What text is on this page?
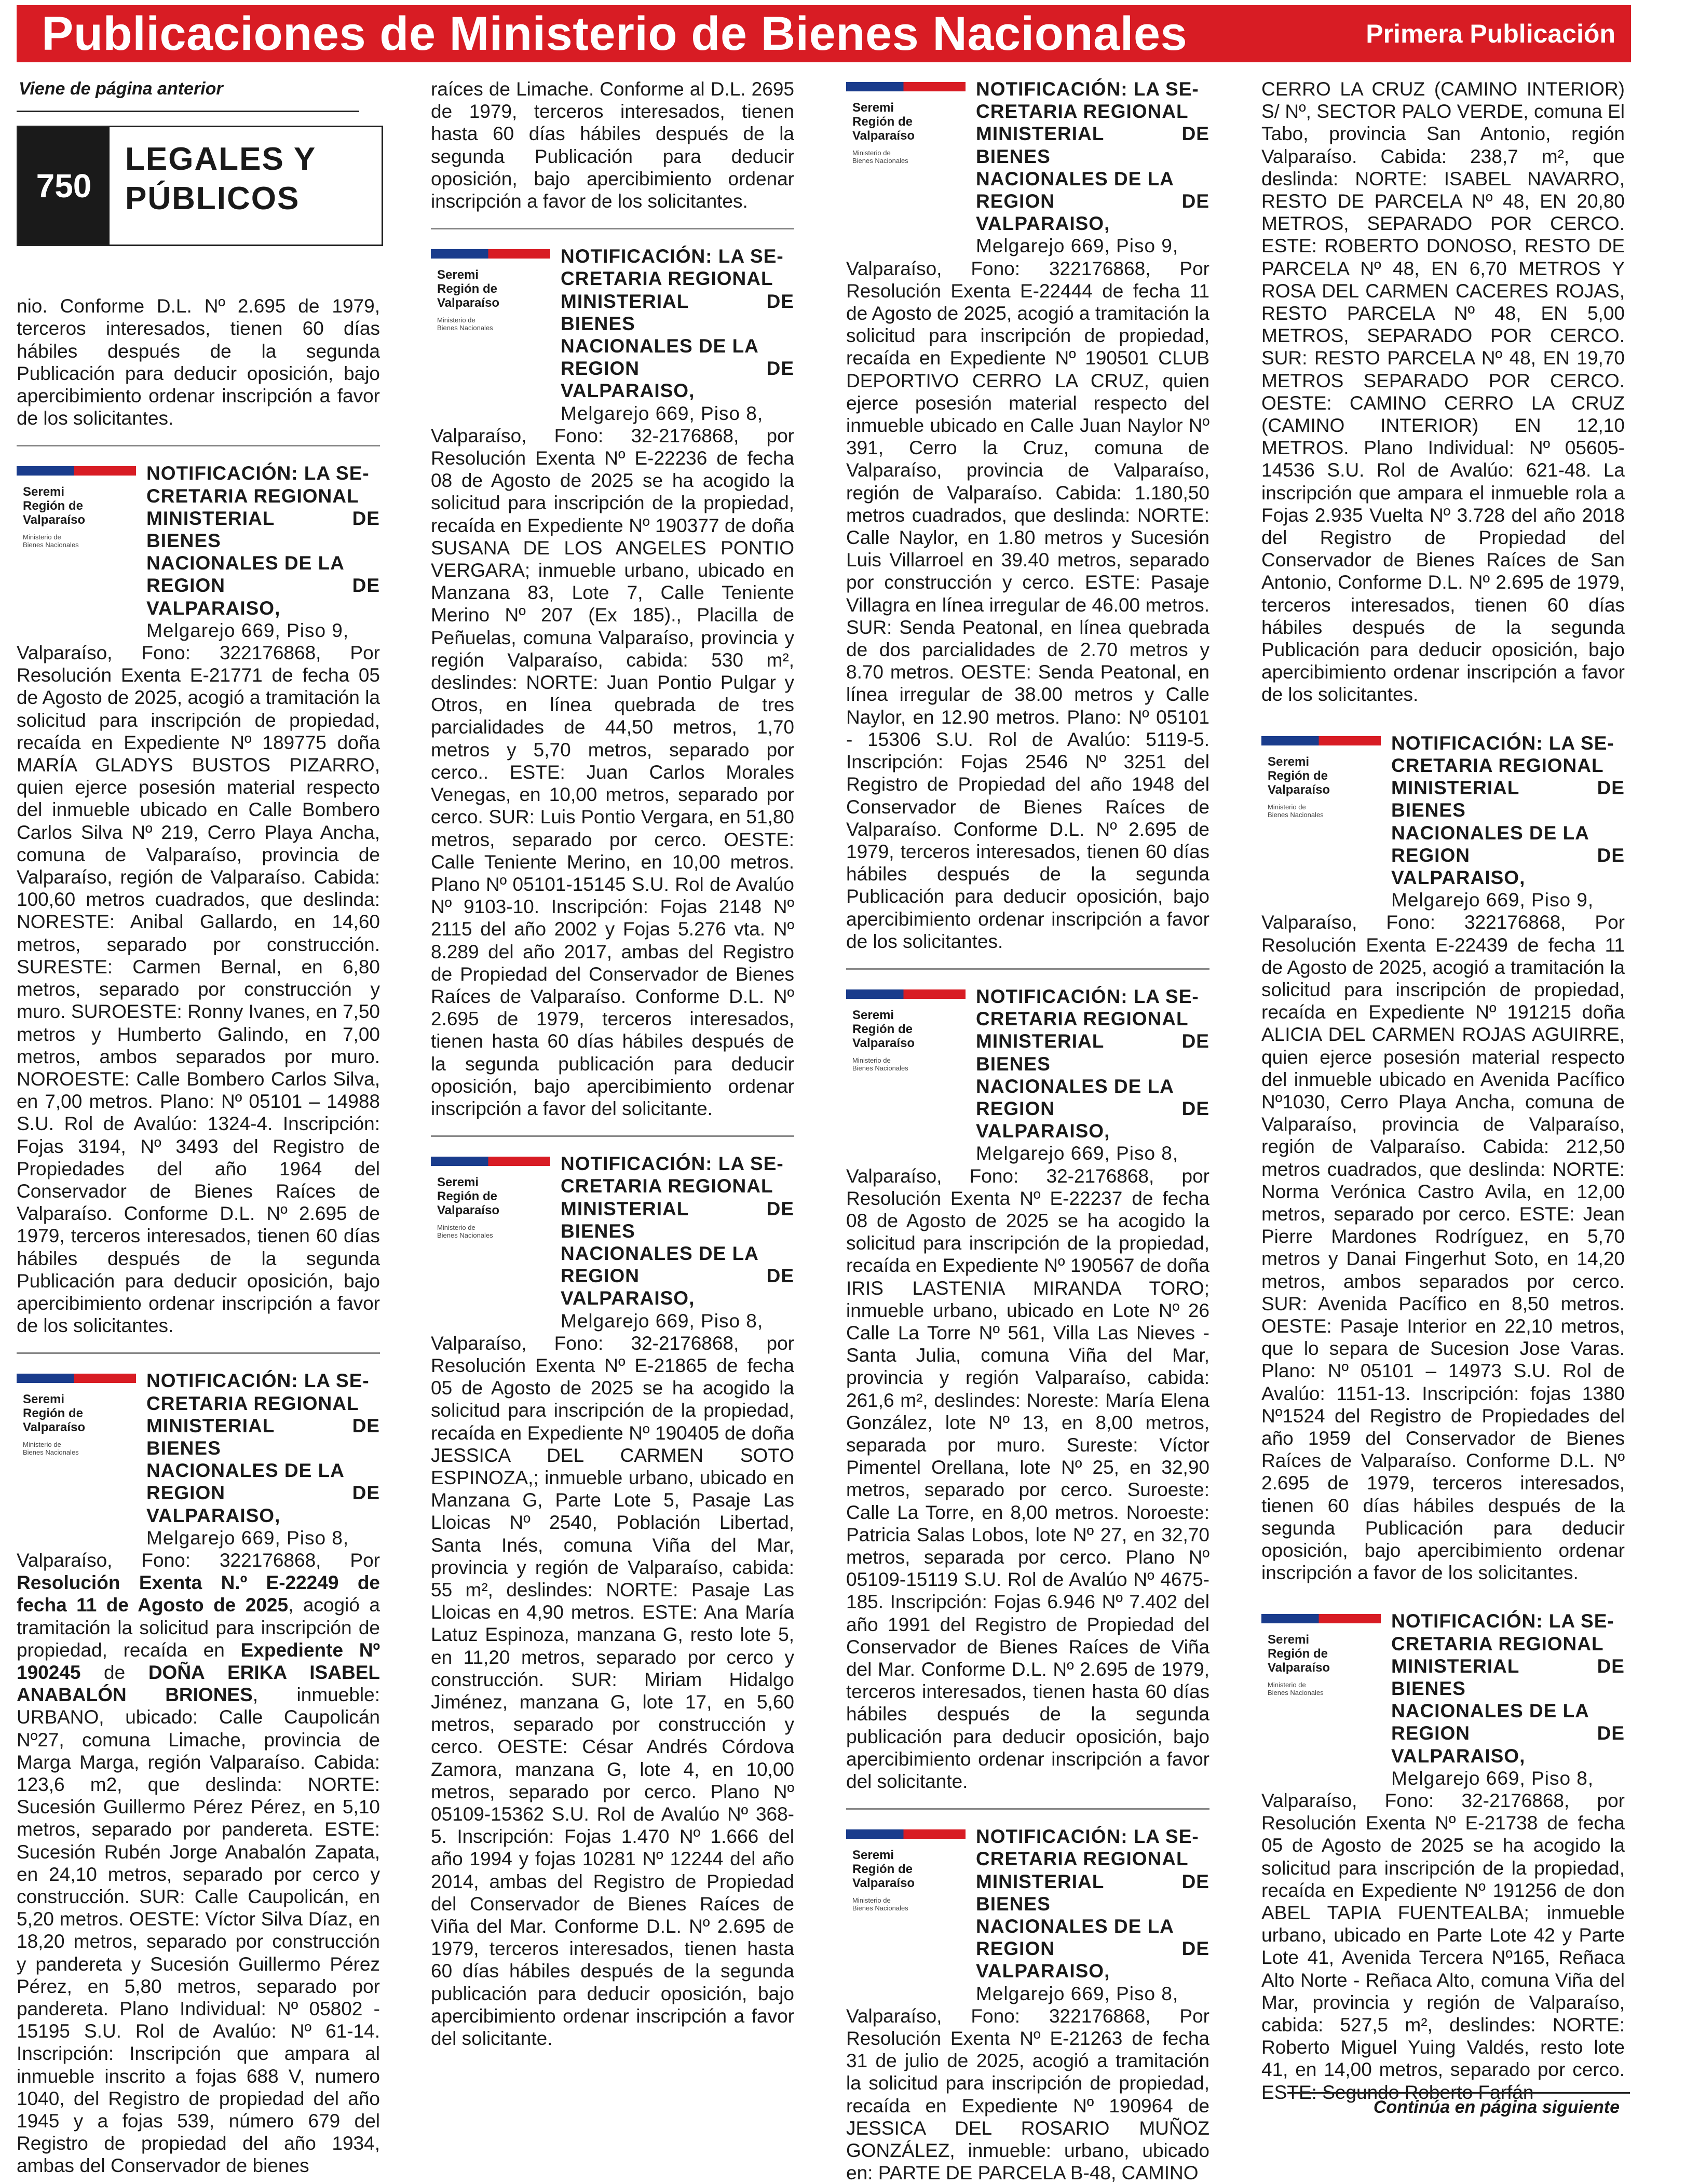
Publicaciones de Ministerio de Bienes Nacionales	Primera Publicación
Viene de página anterior
750
LEGALES Y
PÚBLICOS

nio. Conforme D.L. Nº 2.695 de 1979, terceros interesados, tienen 60 días hábiles después de la segunda Publicación para deducir oposición, bajo apercibimiento ordenar inscripción a favor de los solicitantes.

Seremi
Región de
Valparaíso
Ministerio de
Bienes Nacionales
NOTIFICACIÓN: LA SE-
CRETARIA REGIONAL
MINISTERIAL DE BIENES
NACIONALES DE LA
REGION DE VALPARAISO,
Melgarejo 669, Piso 9,

Valparaíso, Fono: 322176868, Por Resolución Exenta E-21771 de fecha 05 de Agosto de 2025, acogió a tramitación la solicitud para inscripción de propiedad, recaída en Expediente Nº 189775 doña MARÍA GLADYS BUSTOS PIZARRO, quien ejerce posesión material respecto del inmueble ubicado en Calle Bombero Carlos Silva Nº 219, Cerro Playa Ancha, comuna de Valparaíso, provincia de Valparaíso, región de Valparaíso. Cabida: 100,60 metros cuadrados, que deslinda: NORESTE: Anibal Gallardo, en 14,60 metros, separado por construcción. SURESTE: Carmen Bernal, en 6,80 metros, separado por construcción y muro. SUROESTE: Ronny Ivanes, en 7,50 metros y Humberto Galindo, en 7,00 metros, ambos separados por muro. NOROESTE: Calle Bombero Carlos Silva, en 7,00 metros. Plano: Nº 05101 – 14988 S.U. Rol de Avalúo: 1324-4. Inscripción: Fojas 3194, Nº 3493 del Registro de Propiedades del año 1964 del Conservador de Bienes Raíces de Valparaíso. Conforme D.L. Nº 2.695 de 1979, terceros interesados, tienen 60 días hábiles después de la segunda Publicación para deducir oposición, bajo apercibimiento ordenar inscripción a favor de los solicitantes.

Seremi
Región de
Valparaíso
Ministerio de
Bienes Nacionales
NOTIFICACIÓN: LA SE-
CRETARIA REGIONAL
MINISTERIAL DE BIENES
NACIONALES DE LA
REGION DE VALPARAISO,
Melgarejo 669, Piso 8,

Valparaíso, Fono: 322176868, Por Resolución Exenta N.º E-22249 de fecha 11 de Agosto de 2025, acogió a tramitación la solicitud para inscripción de propiedad, recaída en Expediente Nº 190245 de DOÑA ERIKA ISABEL ANABALÓN BRIONES, inmueble: URBANO, ubicado: Calle Caupolicán Nº27, comuna Limache, provincia de Marga Marga, región Valparaíso. Cabida: 123,6 m2, que deslinda: NORTE: Sucesión Guillermo Pérez Pérez, en 5,10 metros, separado por pandereta. ESTE: Sucesión Rubén Jorge Anabalón Zapata, en 24,10 metros, separado por cerco y construcción. SUR: Calle Caupolicán, en 5,20 metros. OESTE: Víctor Silva Díaz, en 18,20 metros, separado por construcción y pandereta y Sucesión Guillermo Pérez Pérez, en 5,80 metros, separado por pandereta. Plano Individual: Nº 05802 - 15195 S.U. Rol de Avalúo: Nº 61-14. Inscripción: Inscripción que ampara al inmueble inscrito a fojas 688 V, numero 1040, del Registro de propiedad del año 1945 y a fojas 539, número 679 del Registro de propiedad del año 1934, ambas del Conservador de bienes

raíces de Limache. Conforme al D.L. 2695 de 1979, terceros interesados, tienen hasta 60 días hábiles después de la segunda Publicación para deducir oposición, bajo apercibimiento ordenar inscripción a favor de los solicitantes.

Seremi
Región de
Valparaíso
Ministerio de
Bienes Nacionales
NOTIFICACIÓN: LA SE-
CRETARIA REGIONAL
MINISTERIAL DE BIENES
NACIONALES DE LA
REGION DE VALPARAISO,
Melgarejo 669, Piso 8,

Valparaíso, Fono: 32-2176868, por Resolución Exenta Nº E-22236 de fecha 08 de Agosto de 2025 se ha acogido la solicitud para inscripción de la propiedad, recaída en Expediente Nº 190377 de doña SUSANA DE LOS ANGELES PONTIO VERGARA; inmueble urbano, ubicado en Manzana 83, Lote 7, Calle Teniente Merino Nº 207 (Ex 185)., Placilla de Peñuelas, comuna Valparaíso, provincia y región Valparaíso, cabida: 530 m², deslindes: NORTE: Juan Pontio Pulgar y Otros, en línea quebrada de tres parcialidades de 44,50 metros, 1,70 metros y 5,70 metros, separado por cerco.. ESTE: Juan Carlos Morales Venegas, en 10,00 metros, separado por cerco. SUR: Luis Pontio Vergara, en 51,80 metros, separado por cerco. OESTE: Calle Teniente Merino, en 10,00 metros. Plano Nº 05101-15145 S.U. Rol de Avalúo Nº 9103-10. Inscripción: Fojas 2148 Nº 2115 del año 2002 y Fojas 5.276 vta. Nº 8.289 del año 2017, ambas del Registro de Propiedad del Conservador de Bienes Raíces de Valparaíso. Conforme D.L. Nº 2.695 de 1979, terceros interesados, tienen hasta 60 días hábiles después de la segunda publicación para deducir oposición, bajo apercibimiento ordenar inscripción a favor del solicitante.

Seremi
Región de
Valparaíso
Ministerio de
Bienes Nacionales
NOTIFICACIÓN: LA SE-
CRETARIA REGIONAL
MINISTERIAL DE BIENES
NACIONALES DE LA
REGION DE VALPARAISO,
Melgarejo 669, Piso 8,

Valparaíso, Fono: 32-2176868, por Resolución Exenta Nº E-21865 de fecha 05 de Agosto de 2025 se ha acogido la solicitud para inscripción de la propiedad, recaída en Expediente Nº 190405 de doña JESSICA DEL CARMEN SOTO ESPINOZA,; inmueble urbano, ubicado en Manzana G, Parte Lote 5, Pasaje Las Lloicas Nº 2540, Población Libertad, Santa Inés, comuna Viña del Mar, provincia y región de Valparaíso, cabida: 55 m², deslindes: NORTE: Pasaje Las Lloicas en 4,90 metros. ESTE: Ana María Latuz Espinoza, manzana G, resto lote 5, en 11,20 metros, separado por cerco y construcción. SUR: Miriam Hidalgo Jiménez, manzana G, lote 17, en 5,60 metros, separado por construcción y cerco. OESTE: César Andrés Córdova Zamora, manzana G, lote 4, en 10,00 metros, separado por cerco. Plano Nº 05109-15362 S.U. Rol de Avalúo Nº 368-5. Inscripción: Fojas 1.470 Nº 1.666 del año 1994 y fojas 10281 Nº 12244 del año 2014, ambas del Registro de Propiedad del Conservador de Bienes Raíces de Viña del Mar. Conforme D.L. Nº 2.695 de 1979, terceros interesados, tienen hasta 60 días hábiles después de la segunda publicación para deducir oposición, bajo apercibimiento ordenar inscripción a favor del solicitante.

Seremi
Región de
Valparaíso
Ministerio de
Bienes Nacionales
NOTIFICACIÓN: LA SE-
CRETARIA REGIONAL
MINISTERIAL DE BIENES
NACIONALES DE LA
REGION DE VALPARAISO,
Melgarejo 669, Piso 9,

Valparaíso, Fono: 322176868, Por Resolución Exenta E-22444 de fecha 11 de Agosto de 2025, acogió a tramitación la solicitud para inscripción de propiedad, recaída en Expediente Nº 190501 CLUB DEPORTIVO CERRO LA CRUZ, quien ejerce posesión material respecto del inmueble ubicado en Calle Juan Naylor Nº 391, Cerro la Cruz, comuna de Valparaíso, provincia de Valparaíso, región de Valparaíso. Cabida: 1.180,50 metros cuadrados, que deslinda: NORTE: Calle Naylor, en 1.80 metros y Sucesión Luis Villarroel en 39.40 metros, separado por construcción y cerco. ESTE: Pasaje Villagra en línea irregular de 46.00 metros. SUR: Senda Peatonal, en línea quebrada de dos parcialidades de 2.70 metros y 8.70 metros. OESTE: Senda Peatonal, en línea irregular de 38.00 metros y Calle Naylor, en 12.90 metros. Plano: Nº 05101 - 15306 S.U. Rol de Avalúo: 5119-5. Inscripción: Fojas 2546 Nº 3251 del Registro de Propiedad del año 1948 del Conservador de Bienes Raíces de Valparaíso. Conforme D.L. Nº 2.695 de 1979, terceros interesados, tienen 60 días hábiles después de la segunda Publicación para deducir oposición, bajo apercibimiento ordenar inscripción a favor de los solicitantes.

Seremi
Región de
Valparaíso
Ministerio de
Bienes Nacionales
NOTIFICACIÓN: LA SE-
CRETARIA REGIONAL
MINISTERIAL DE BIENES
NACIONALES DE LA
REGION DE VALPARAISO,
Melgarejo 669, Piso 8,

Valparaíso, Fono: 32-2176868, por Resolución Exenta Nº E-22237 de fecha 08 de Agosto de 2025 se ha acogido la solicitud para inscripción de la propiedad, recaída en Expediente Nº 190567 de doña IRIS LASTENIA MIRANDA TORO; inmueble urbano, ubicado en Lote Nº 26 Calle La Torre Nº 561, Villa Las Nieves - Santa Julia, comuna Viña del Mar, provincia y región Valparaíso, cabida: 261,6 m², deslindes: Noreste: María Elena González, lote Nº 13, en 8,00 metros, separada por muro. Sureste: Víctor Pimentel Orellana, lote Nº 25, en 32,90 metros, separado por cerco. Suroeste: Calle La Torre, en 8,00 metros. Noroeste: Patricia Salas Lobos, lote Nº 27, en 32,70 metros, separada por cerco. Plano Nº 05109-15119 S.U. Rol de Avalúo Nº 4675-185. Inscripción: Fojas 6.946 Nº 7.402 del año 1991 del Registro de Propiedad del Conservador de Bienes Raíces de Viña del Mar. Conforme D.L. Nº 2.695 de 1979, terceros interesados, tienen hasta 60 días hábiles después de la segunda publicación para deducir oposición, bajo apercibimiento ordenar inscripción a favor del solicitante.

Seremi
Región de
Valparaíso
Ministerio de
Bienes Nacionales
NOTIFICACIÓN: LA SE-
CRETARIA REGIONAL
MINISTERIAL DE BIENES
NACIONALES DE LA
REGION DE VALPARAISO,
Melgarejo 669, Piso 8,

Valparaíso, Fono: 322176868, Por Resolución Exenta Nº E-21263 de fecha 31 de julio de 2025, acogió a tramitación la solicitud para inscripción de propiedad, recaída en Expediente Nº 190964 de JESSICA DEL ROSARIO MUÑOZ GONZÁLEZ, inmueble: urbano, ubicado en: PARTE DE PARCELA B-48, CAMINO

CERRO LA CRUZ (CAMINO INTERIOR) S/ Nº, SECTOR PALO VERDE, comuna El Tabo, provincia San Antonio, región Valparaíso. Cabida: 238,7 m², que deslinda: NORTE: ISABEL NAVARRO, RESTO DE PARCELA Nº 48, EN 20,80 METROS, SEPARADO POR CERCO. ESTE: ROBERTO DONOSO, RESTO DE PARCELA Nº 48, EN 6,70 METROS Y ROSA DEL CARMEN CACERES ROJAS, RESTO PARCELA Nº 48, EN 5,00 METROS, SEPARADO POR CERCO. SUR: RESTO PARCELA Nº 48, EN 19,70 METROS SEPARADO POR CERCO. OESTE: CAMINO CERRO LA CRUZ (CAMINO INTERIOR) EN 12,10 METROS. Plano Individual: Nº 05605-14536 S.U. Rol de Avalúo: 621-48. La inscripción que ampara el inmueble rola a Fojas 2.935 Vuelta Nº 3.728 del año 2018 del Registro de Propiedad del Conservador de Bienes Raíces de San Antonio, Conforme D.L. Nº 2.695 de 1979, terceros interesados, tienen 60 días hábiles después de la segunda Publicación para deducir oposición, bajo apercibimiento ordenar inscripción a favor de los solicitantes.

Seremi
Región de
Valparaíso
Ministerio de
Bienes Nacionales
NOTIFICACIÓN: LA SE-
CRETARIA REGIONAL
MINISTERIAL DE BIENES
NACIONALES DE LA
REGION DE VALPARAISO,
Melgarejo 669, Piso 9,

Valparaíso, Fono: 322176868, Por Resolución Exenta E-22439 de fecha 11 de Agosto de 2025, acogió a tramitación la solicitud para inscripción de propiedad, recaída en Expediente Nº 191215 doña ALICIA DEL CARMEN ROJAS AGUIRRE, quien ejerce posesión material respecto del inmueble ubicado en Avenida Pacífico Nº1030, Cerro Playa Ancha, comuna de Valparaíso, provincia de Valparaíso, región de Valparaíso. Cabida: 212,50 metros cuadrados, que deslinda: NORTE: Norma Verónica Castro Avila, en 12,00 metros, separado por cerco. ESTE: Jean Pierre Mardones Rodríguez, en 5,70 metros y Danai Fingerhut Soto, en 14,20 metros, ambos separados por cerco. SUR: Avenida Pacífico en 8,50 metros. OESTE: Pasaje Interior en 22,10 metros, que lo separa de Sucesion Jose Varas. Plano: Nº 05101 – 14973 S.U. Rol de Avalúo: 1151-13. Inscripción: fojas 1380 Nº1524 del Registro de Propiedades del año 1959 del Conservador de Bienes Raíces de Valparaíso. Conforme D.L. Nº 2.695 de 1979, terceros interesados, tienen 60 días hábiles después de la segunda Publicación para deducir oposición, bajo apercibimiento ordenar inscripción a favor de los solicitantes.

Seremi
Región de
Valparaíso
Ministerio de
Bienes Nacionales
NOTIFICACIÓN: LA SE-
CRETARIA REGIONAL
MINISTERIAL DE BIENES
NACIONALES DE LA
REGION DE VALPARAISO,
Melgarejo 669, Piso 8,

Valparaíso, Fono: 32-2176868, por Resolución Exenta Nº E-21738 de fecha 05 de Agosto de 2025 se ha acogido la solicitud para inscripción de la propiedad, recaída en Expediente Nº 191256 de don ABEL TAPIA FUENTEALBA; inmueble urbano, ubicado en Parte Lote 42 y Parte Lote 41, Avenida Tercera Nº165, Reñaca Alto Norte - Reñaca Alto, comuna Viña del Mar, provincia y región de Valparaíso, cabida: 527,5 m², deslindes: NORTE: Roberto Miguel Yuing Valdés, resto lote 41, en 14,00 metros, separado por cerco. ESTE: Segundo Roberto Farfán

Continúa en página siguiente
